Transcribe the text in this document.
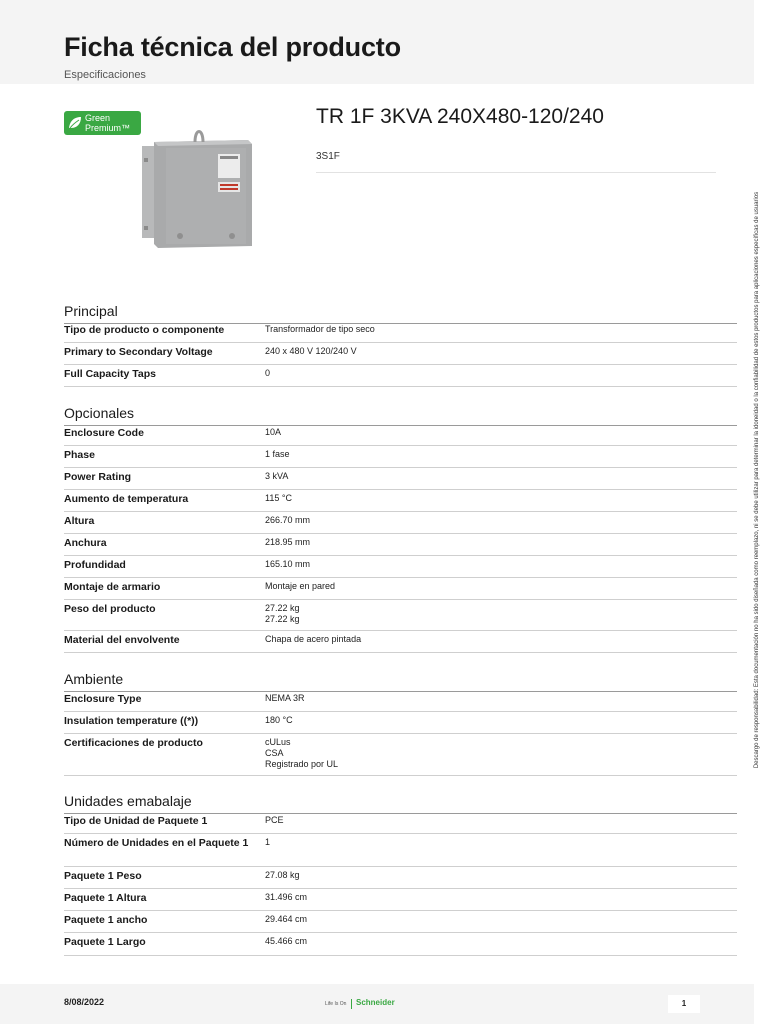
Ficha técnica del producto
Especificaciones
Green
Premium™	TR 1F 3KVA 240X480-120/240
3S1F
Principal
Tipo de producto o componente	Transformador de tipo seco
Primary to Secondary Voltage	240 x 480 V 120/240 V
Full Capacity Taps	0
Opcionales
Enclosure Code	10A
Phase	1 fase
Power Rating	3 kVA
Aumento de temperatura	115 °C
Altura	266.70 mm
Anchura	218.95 mm
Profundidad	165.10 mm
Montaje de armario	Montaje en pared
Peso del producto	27.22 kg
27.22 kg
Material del envolvente	Chapa de acero pintada
Ambiente
Enclosure Type	NEMA 3R
Insulation temperature ((*))	180 °C
Certificaciones de producto	cULus
CSA
Registrado por UL
Unidades emabalaje
Tipo de Unidad de Paquete 1	PCE
Número de Unidades en el Paquete 1	1
Paquete 1 Peso	27.08 kg
Paquete 1 Altura	31.496 cm
Paquete 1 ancho	29.464 cm
Paquete 1 Largo	45.466 cm
Descargo de responsabilidad: Esta documentación no ha sido diseñada como reemplazo, ni se debe utilizar para determinar la idoneidad o la confiabilidad de estos productos para aplicaciones específicas de usuarios
8/08/2022	Life Is On Schneider	1
